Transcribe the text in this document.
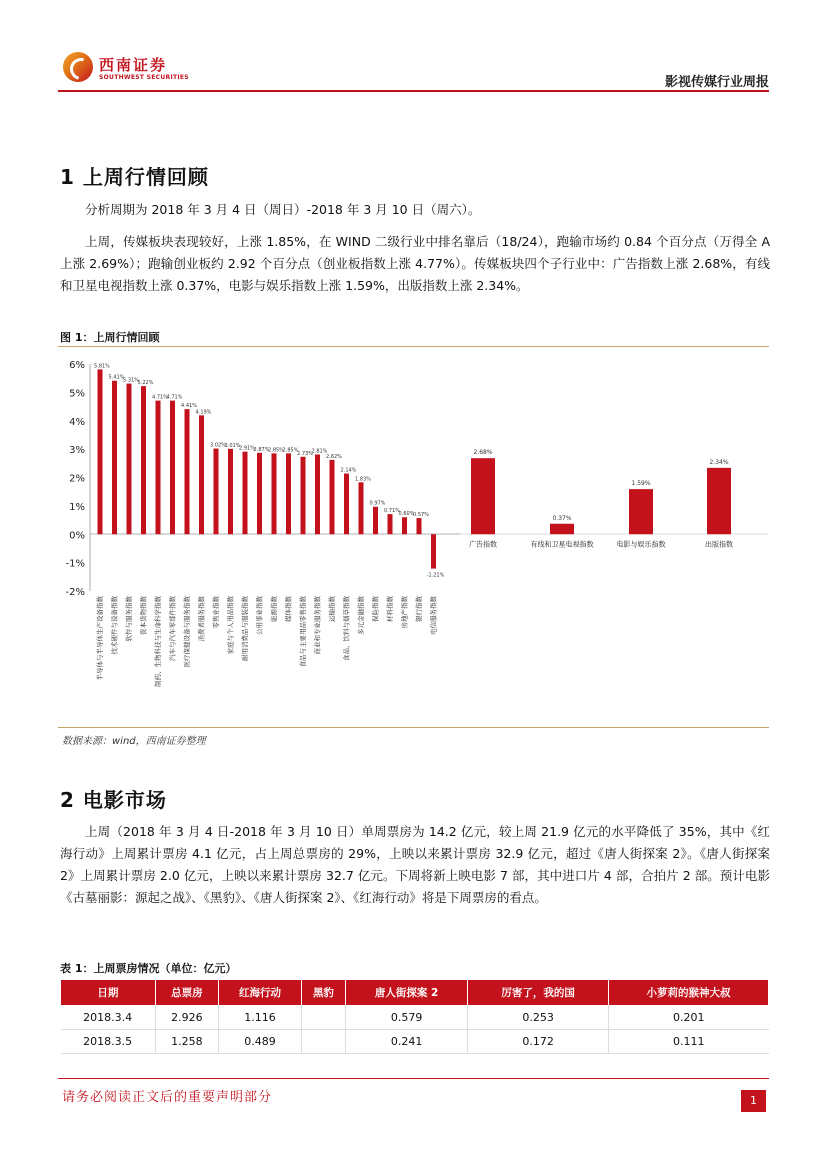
西南证券
SOUTHWEST SECURITIES	影视传媒行业周报
1 上周行情回顾

分析周期为 2018 年 3 月 4 日（周日）-2018 年 3 月 10 日（周六）。

上周，传媒板块表现较好，上涨 1.85%，在 WIND 二级行业中排名靠后（18/24），跑输市场约 0.84 个百分点（万得全 A 上涨 2.69%）；跑输创业板约 2.92 个百分点（创业板指数上涨 4.77%）。传媒板块四个子行业中：广告指数上涨 2.68%，有线和卫星电视指数上涨 0.37%，电影与娱乐指数上涨 1.59%，出版指数上涨 2.34%。

图 1：上周行情回顾
6%
5%
4%
3%
2%
1%
0%
-1%
-2%
5.81%
半导体与半导体生产设备指数
5.41%
技术硬件与设备指数
5.31%
软件与服务指数
5.22%
资本货物指数
4.71%
制药、生物科技与生命科学指数
4.71%
汽车与汽车零部件指数
4.41%
医疗保健设备与服务指数
4.19%
消费者服务指数
3.02%
零售业指数
3.01%
家庭与个人用品指数
2.91%
耐用消费品与服装指数
2.87%
公用事业指数
2.85%
能源指数
2.85%
媒体指数
2.73%
食品与主要用品零售指数
2.81%
商业和专业服务指数
2.62%
运输指数
2.14%
食品、饮料与烟草指数
1.83%
多元金融指数
0.97%
保险指数
0.71%
材料指数
0.60%
房地产指数
0.57%
银行指数
-1.21%
电信服务指数
2.68%
广告指数
0.37%
有线和卫星电视指数
1.59%
电影与娱乐指数
2.34%
出版指数
数据来源：wind，西南证券整理
2 电影市场

上周（2018 年 3 月 4 日-2018 年 3 月 10 日）单周票房为 14.2 亿元，较上周 21.9 亿元的水平降低了 35%，其中《红海行动》上周累计票房 4.1 亿元，占上周总票房的 29%，上映以来累计票房 32.9 亿元，超过《唐人街探案 2》。《唐人街探案 2》上周累计票房 2.0 亿元，上映以来累计票房 32.7 亿元。下周将新上映电影 7 部，其中进口片 4 部，合拍片 2 部。预计电影《古墓丽影：源起之战》、《黑豹》、《唐人街探案 2》、《红海行动》将是下周票房的看点。

表 1：上周票房情况（单位：亿元）
日期	总票房	红海行动	黑豹	唐人街探案 2	厉害了，我的国	小萝莉的猴神大叔
2018.3.4	2.926	1.116		0.579	0.253	0.201
2018.3.5	1.258	0.489		0.241	0.172	0.111
请务必阅读正文后的重要声明部分	1
